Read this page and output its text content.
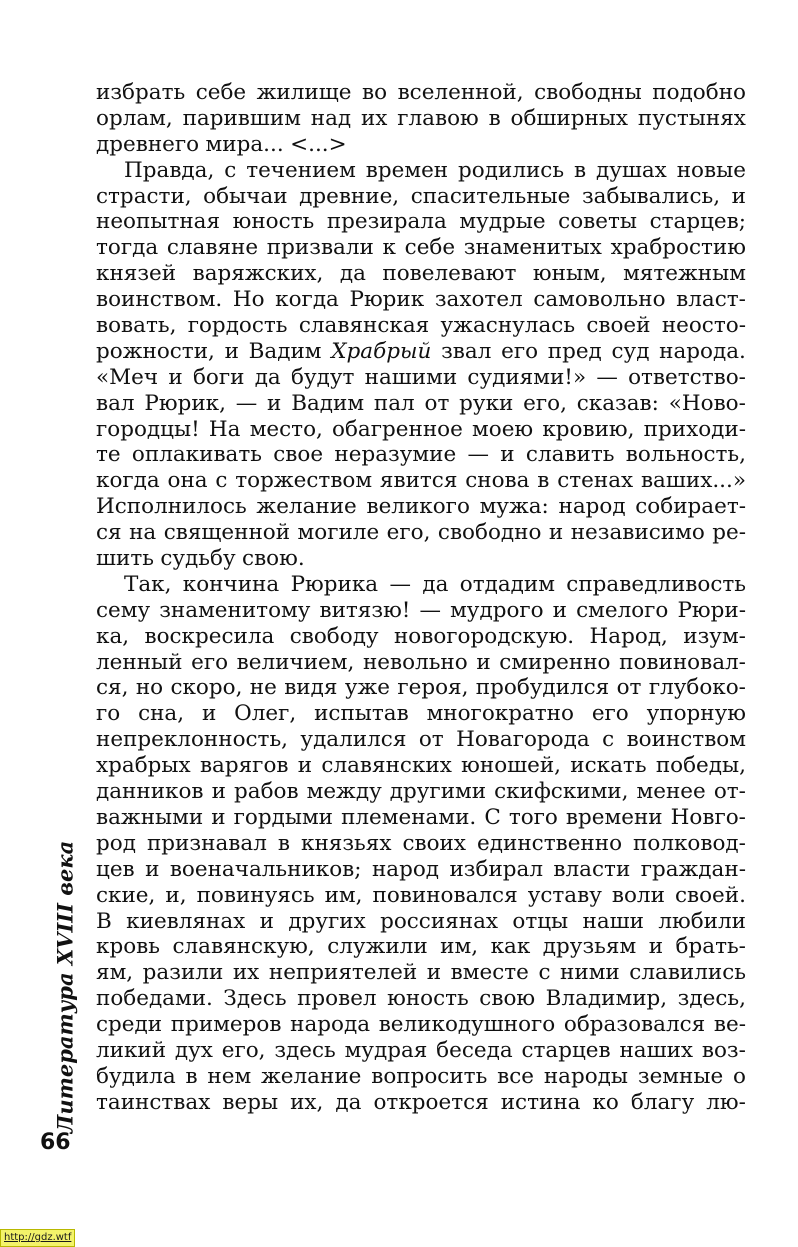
избрать себе жилище во вселенной, свободны подобно
орлам, парившим над их главою в обширных пустынях
древнего мира... <...>
Правда, с течением времен родились в душах новые
страсти, обычаи древние, спасительные забывались, и
неопытная юность презирала мудрые советы старцев;
тогда славяне призвали к себе знаменитых храбростию
князей варяжских, да повелевают юным, мятежным
воинством. Но когда Рюрик захотел самовольно власт-
вовать, гордость славянская ужаснулась своей неосто-
рожности, и Вадим Храбрый звал его пред суд народа.
«Меч и боги да будут нашими судиями!» — ответство-
вал Рюрик, — и Вадим пал от руки его, сказав: «Ново-
городцы! На место, обагренное моею кровию, приходи-
те оплакивать свое неразумие — и славить вольность,
когда она с торжеством явится снова в стенах ваших...»
Исполнилось желание великого мужа: народ собирает-
ся на священной могиле его, свободно и независимо ре-
шить судьбу свою.
Так, кончина Рюрика — да отдадим справедливость
сему знаменитому витязю! — мудрого и смелого Рюри-
ка, воскресила свободу новогородскую. Народ, изум-
ленный его величием, невольно и смиренно повиновал-
ся, но скоро, не видя уже героя, пробудился от глубоко-
го сна, и Олег, испытав многократно его упорную
непреклонность, удалился от Новагорода с воинством
храбрых варягов и славянских юношей, искать победы,
данников и рабов между другими скифскими, менее от-
важными и гордыми племенами. С того времени Новго-
род признавал в князьях своих единственно полковод-
цев и военачальников; народ избирал власти граждан-
ские, и, повинуясь им, повиновался уставу воли своей.
В киевлянах и других россиянах отцы наши любили
кровь славянскую, служили им, как друзьям и брать-
ям, разили их неприятелей и вместе с ними славились
победами. Здесь провел юность свою Владимир, здесь,
среди примеров народа великодушного образовался ве-
ликий дух его, здесь мудрая беседа старцев наших воз-
будила в нем желание вопросить все народы земные о
таинствах веры их, да откроется истина ко благу лю-
Литература XVIII века
66
http://gdz.wtf
